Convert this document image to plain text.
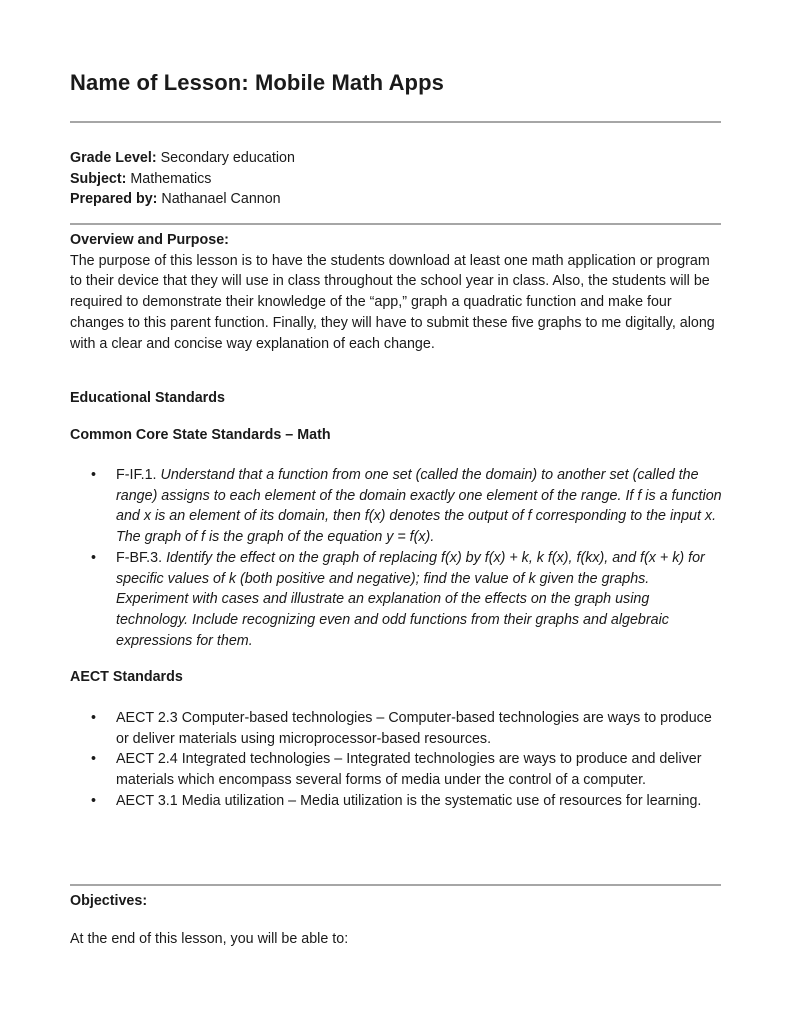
Name of Lesson: Mobile Math Apps
Grade Level: Secondary education
Subject: Mathematics
Prepared by: Nathanael Cannon
Overview and Purpose:

The purpose of this lesson is to have the students download at least one math application or program to their device that they will use in class throughout the school year in class. Also, the students will be required to demonstrate their knowledge of the “app,” graph a quadratic function and make four changes to this parent function. Finally, they will have to submit these five graphs to me digitally, along with a clear and concise way explanation of each change.

Educational Standards
Common Core State Standards – Math
• F-IF.1. Understand that a function from one set (called the domain) to another set (called the range) assigns to each element of the domain exactly one element of the range. If f is a function and x is an element of its domain, then f(x) denotes the output of f corresponding to the input x. The graph of f is the graph of the equation y = f(x).
• F-BF.3. Identify the effect on the graph of replacing f(x) by f(x) + k, k f(x), f(kx), and f(x + k) for specific values of k (both positive and negative); find the value of k given the graphs. Experiment with cases and illustrate an explanation of the effects on the graph using technology. Include recognizing even and odd functions from their graphs and algebraic expressions for them.
AECT Standards
• AECT 2.3 Computer-based technologies – Computer-based technologies are ways to produce or deliver materials using microprocessor-based resources.
• AECT 2.4 Integrated technologies – Integrated technologies are ways to produce and deliver materials which encompass several forms of media under the control of a computer.
• AECT 3.1 Media utilization – Media utilization is the systematic use of resources for learning.
Objectives:

At the end of this lesson, you will be able to:
